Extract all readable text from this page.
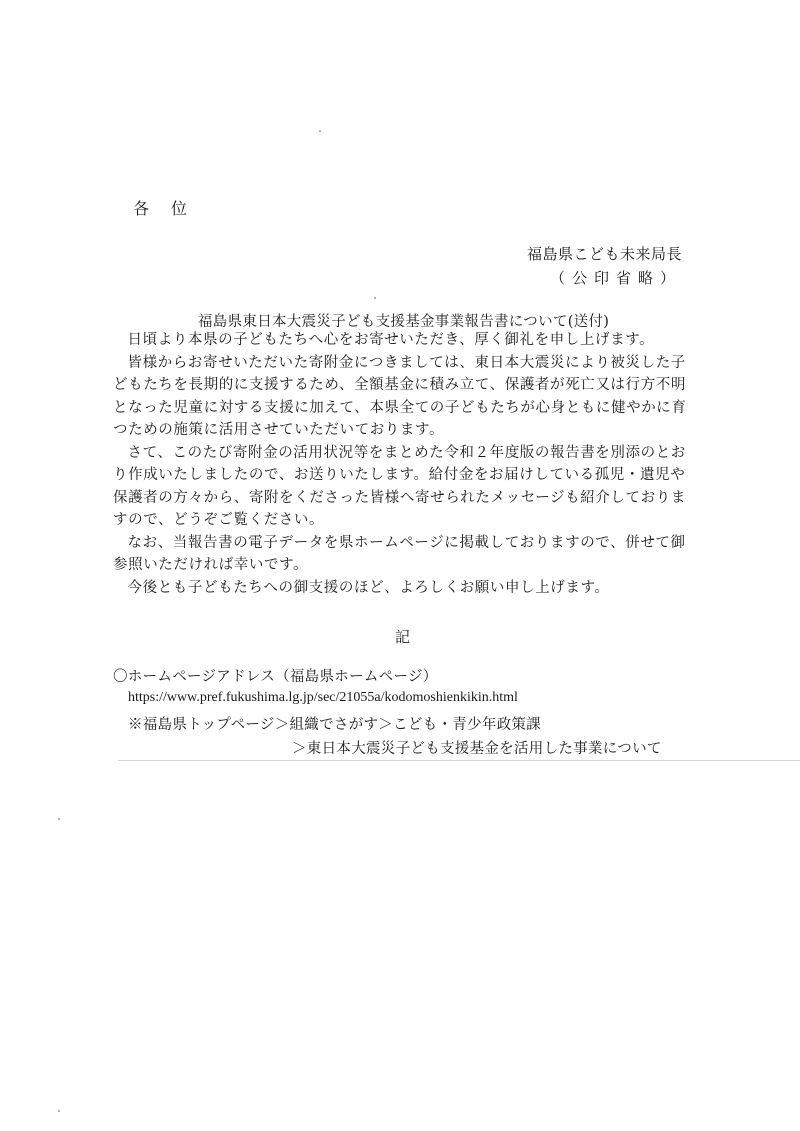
各位
福島県こども未来局長
（公印省略）
福島県東日本大震災子ども支援基金事業報告書について(送付)

日頃より本県の子どもたちへ心をお寄せいただき、厚く御礼を申し上げます。

皆様からお寄せいただいた寄附金につきましては、東日本大震災により被災した子どもたちを長期的に支援するため、全額基金に積み立て、保護者が死亡又は行方不明となった児童に対する支援に加えて、本県全ての子どもたちが心身ともに健やかに育つための施策に活用させていただいております。

さて、このたび寄附金の活用状況等をまとめた令和２年度版の報告書を別添のとおり作成いたしましたので、お送りいたします。給付金をお届けしている孤児・遺児や保護者の方々から、寄附をくださった皆様へ寄せられたメッセージも紹介しておりますので、どうぞご覧ください。

なお、当報告書の電子データを県ホームページに掲載しておりますので、併せて御参照いただければ幸いです。

今後とも子どもたちへの御支援のほど、よろしくお願い申し上げます。

記
〇ホームページアドレス（福島県ホームページ）
https://www.pref.fukushima.lg.jp/sec/21055a/kodomoshienkikin.html
※福島県トップページ＞組織でさがす＞こども・青少年政策課
＞東日本大震災子ども支援基金を活用した事業について
